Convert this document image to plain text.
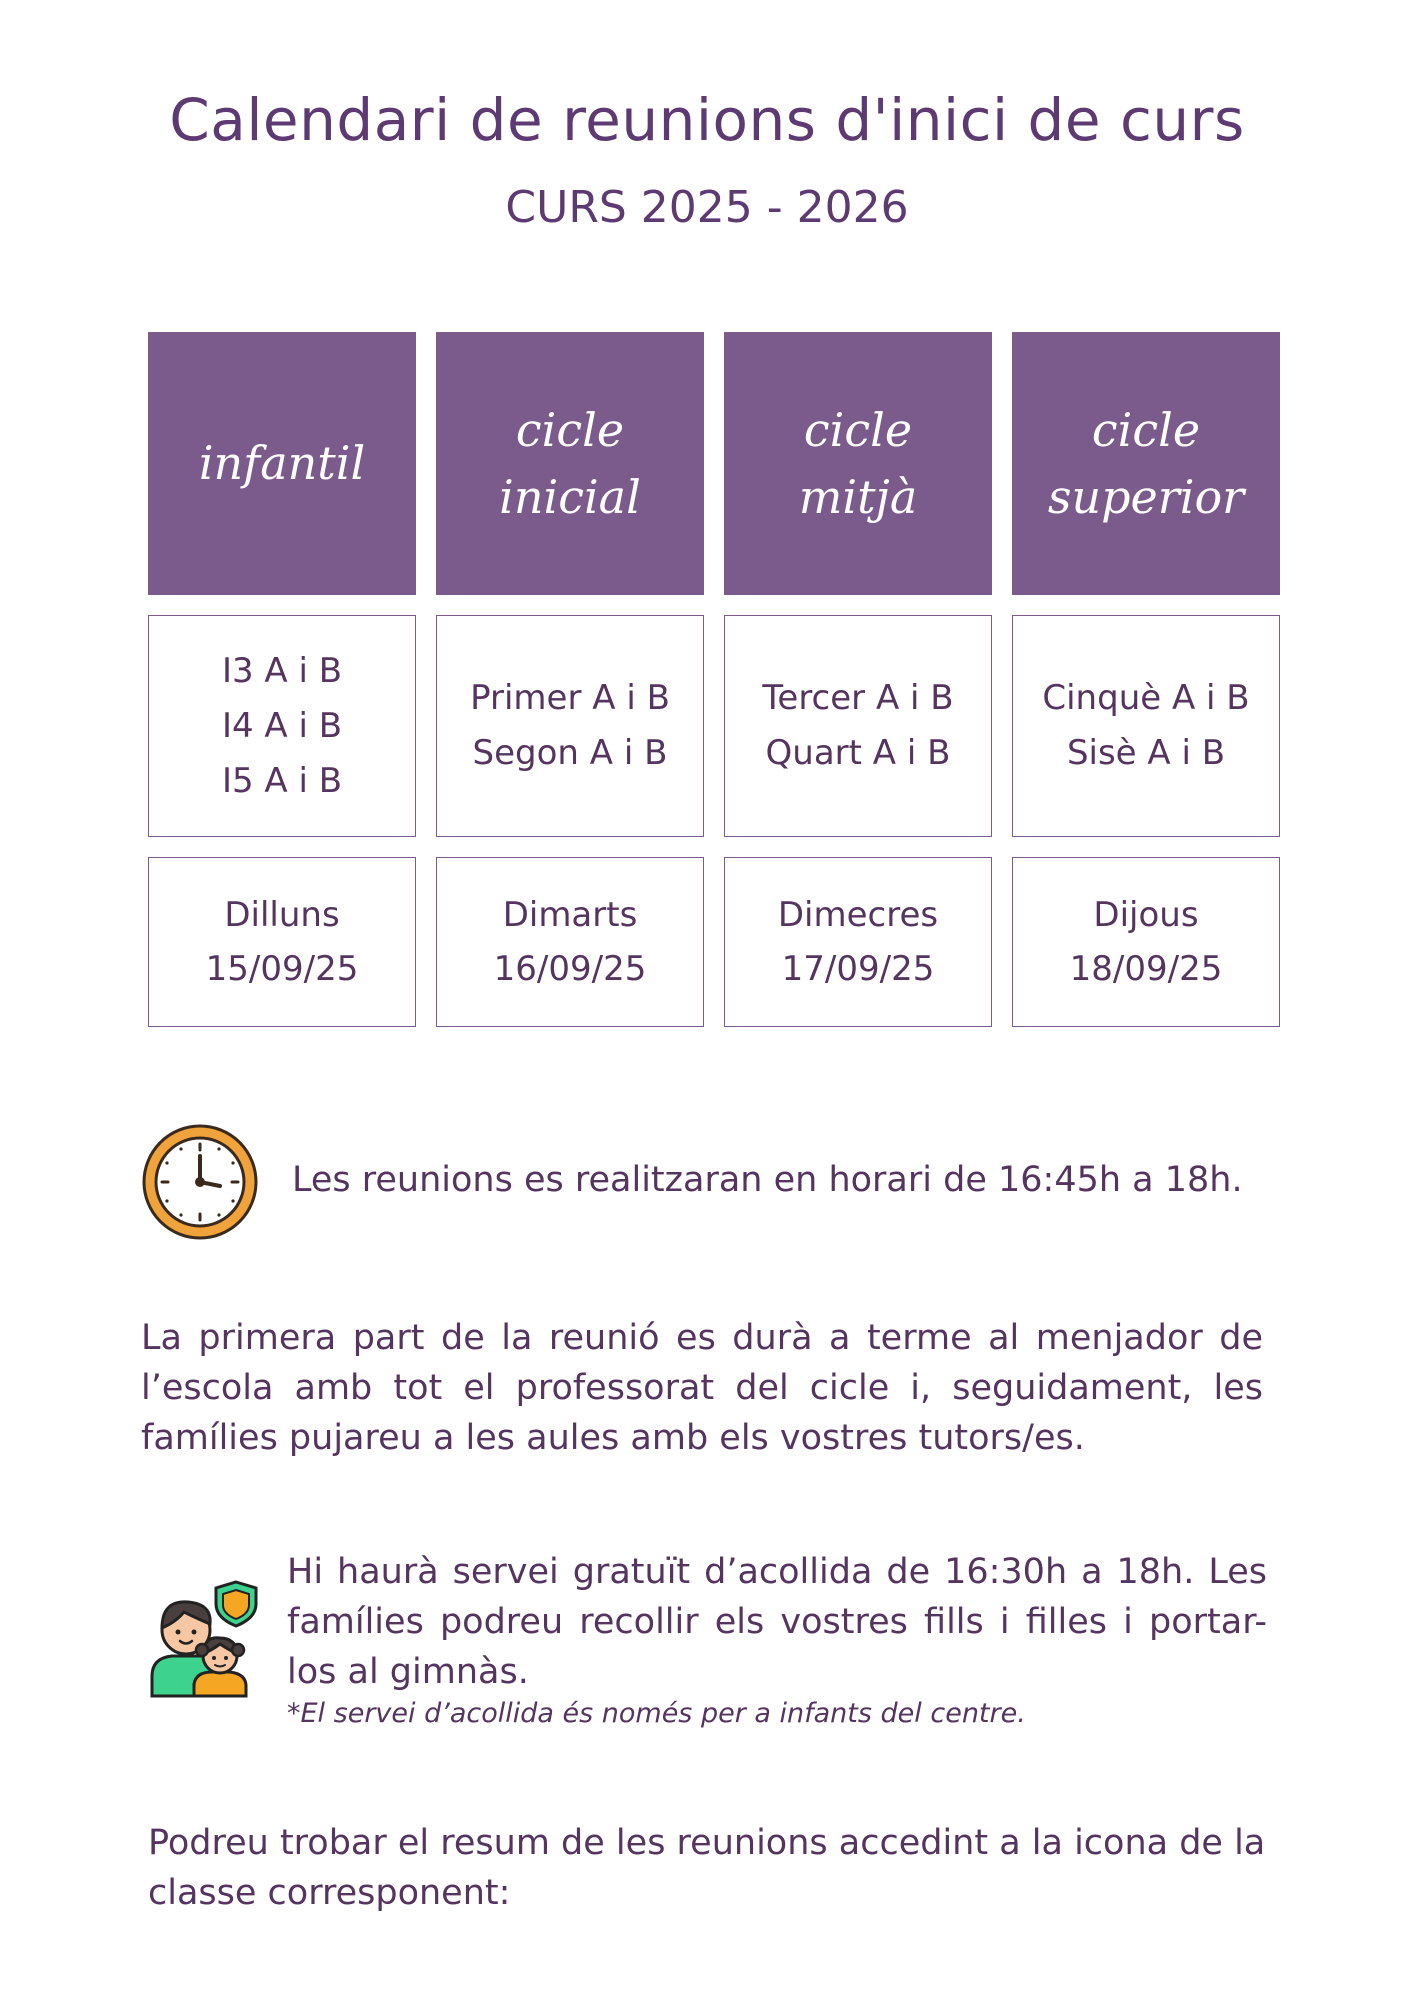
Calendari de reunions d'inici de curs
CURS 2025 - 2026
infantil
cicle
inicial
cicle
mitjà
cicle
superior
I3 A i B
I4 A i B
I5 A i B
Primer A i B
Segon A i B
Tercer A i B
Quart A i B
Cinquè A i B
Sisè A i B
Dilluns
15/09/25
Dimarts
16/09/25
Dimecres
17/09/25
Dijous
18/09/25
Les reunions es realitzaran en horari de 16:45h a 18h.
La primera part de la reunió es durà a terme al menjador de l’escola amb tot el professorat del cicle i, seguidament, les famílies pujareu a les aules amb els vostres tutors/es.
Hi haurà servei gratuït d’acollida de 16:30h a 18h. Les famílies podreu recollir els vostres fills i filles i portar-los al gimnàs.
*El servei d’acollida és només per a infants del centre.
Podreu trobar el resum de les reunions accedint a la icona de la classe corresponent:
